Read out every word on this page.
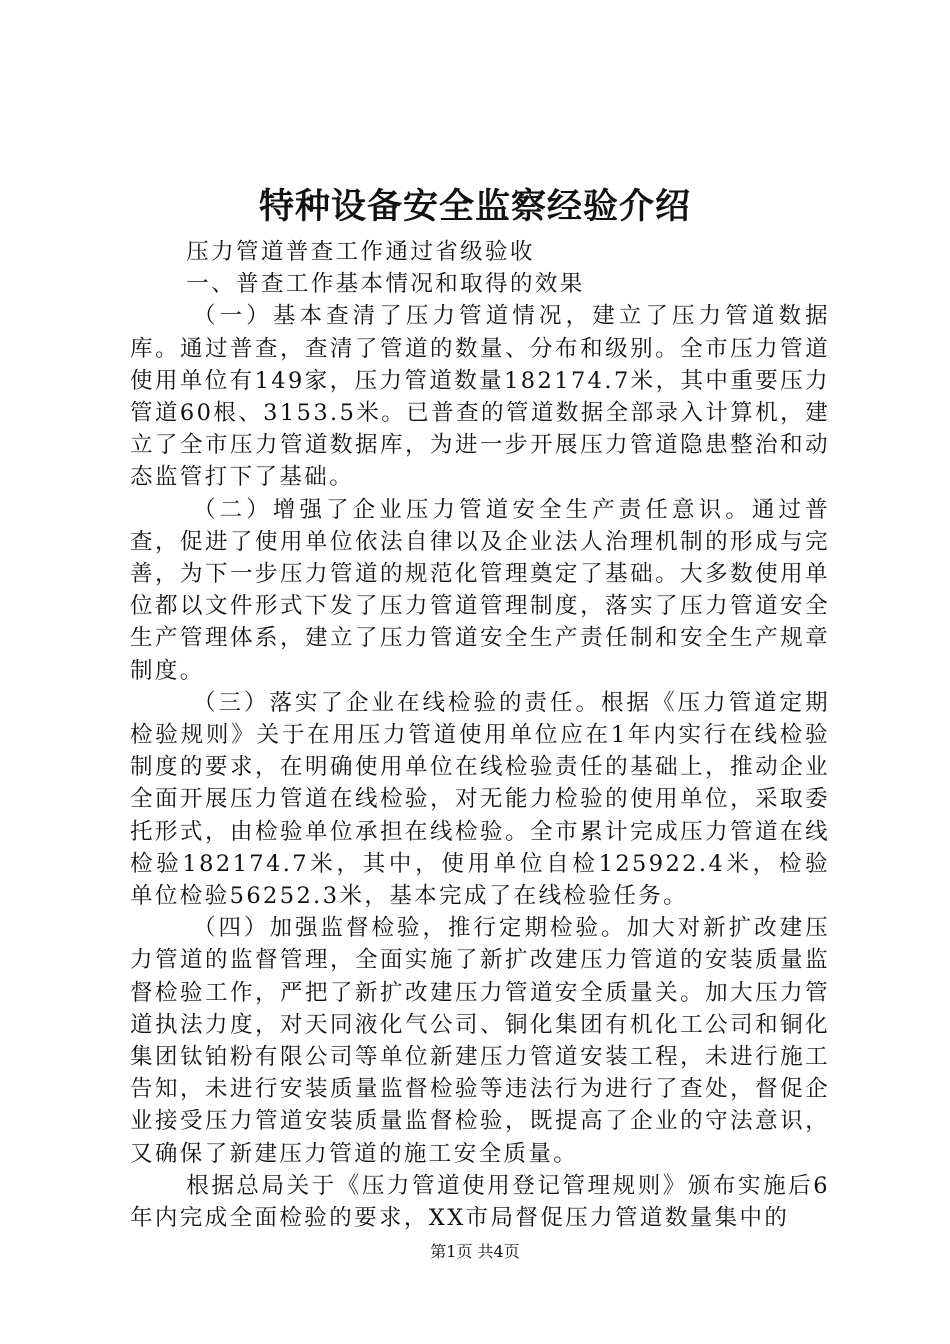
特种设备安全监察经验介绍

压力管道普查工作通过省级验收

一、普查工作基本情况和取得的效果

（一）基本查清了压力管道情况，建立了压力管道数据库。通过普查，查清了管道的数量、分布和级别。全市压力管道使用单位有149家，压力管道数量182174.7米，其中重要压力管道60根、3153.5米。已普查的管道数据全部录入计算机，建立了全市压力管道数据库，为进一步开展压力管道隐患整治和动态监管打下了基础。

（二）增强了企业压力管道安全生产责任意识。通过普查，促进了使用单位依法自律以及企业法人治理机制的形成与完善，为下一步压力管道的规范化管理奠定了基础。大多数使用单位都以文件形式下发了压力管道管理制度，落实了压力管道安全生产管理体系，建立了压力管道安全生产责任制和安全生产规章制度。

（三）落实了企业在线检验的责任。根据《压力管道定期检验规则》关于在用压力管道使用单位应在1年内实行在线检验制度的要求，在明确使用单位在线检验责任的基础上，推动企业全面开展压力管道在线检验，对无能力检验的使用单位，采取委托形式，由检验单位承担在线检验。全市累计完成压力管道在线检验182174.7米，其中，使用单位自检125922.4米，检验单位检验56252.3米，基本完成了在线检验任务。

（四）加强监督检验，推行定期检验。加大对新扩改建压力管道的监督管理，全面实施了新扩改建压力管道的安装质量监督检验工作，严把了新扩改建压力管道安全质量关。加大压力管道执法力度，对天同液化气公司、铜化集团有机化工公司和铜化集团钛铂粉有限公司等单位新建压力管道安装工程，未进行施工告知，未进行安装质量监督检验等违法行为进行了查处，督促企业接受压力管道安装质量监督检验，既提高了企业的守法意识，又确保了新建压力管道的施工安全质量。

根据总局关于《压力管道使用登记管理规则》颁布实施后6年内完成全面检验的要求，XX市局督促压力管道数量集中的

第1页 共4页
